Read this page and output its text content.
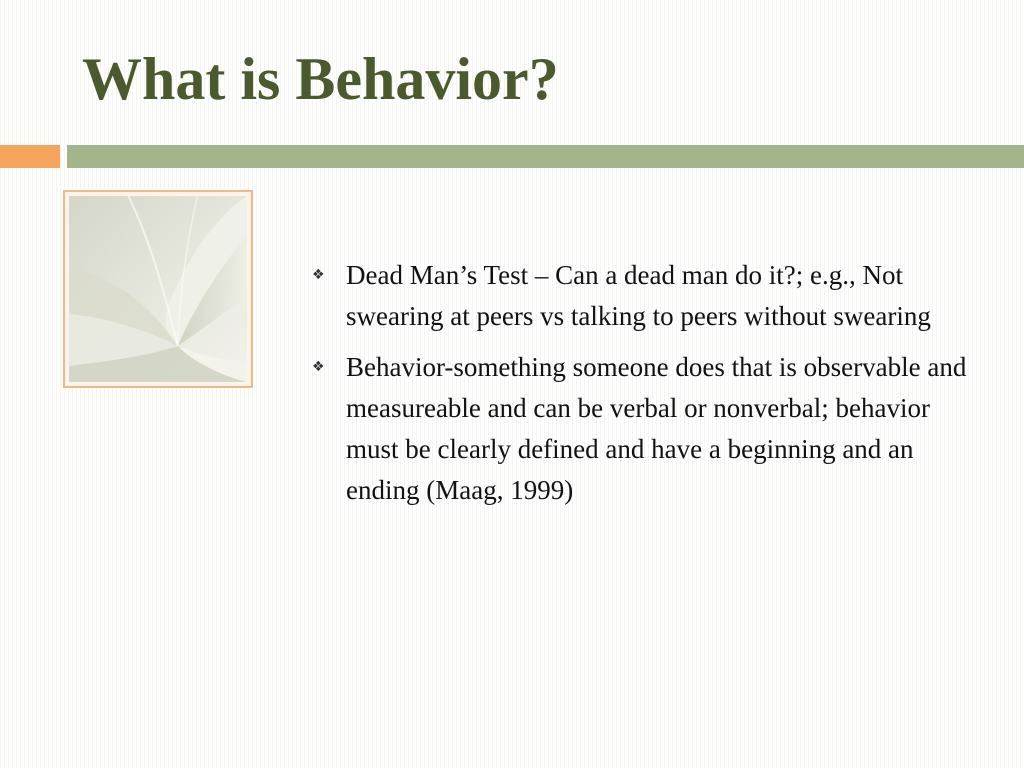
What is Behavior?
❖ Dead Man’s Test – Can a dead man do it?; e.g., Not swearing at peers vs talking to peers without swearing
❖ Behavior-something someone does that is observable and measureable and can be verbal or nonverbal; behavior must be clearly defined and have a beginning and an ending (Maag, 1999)
